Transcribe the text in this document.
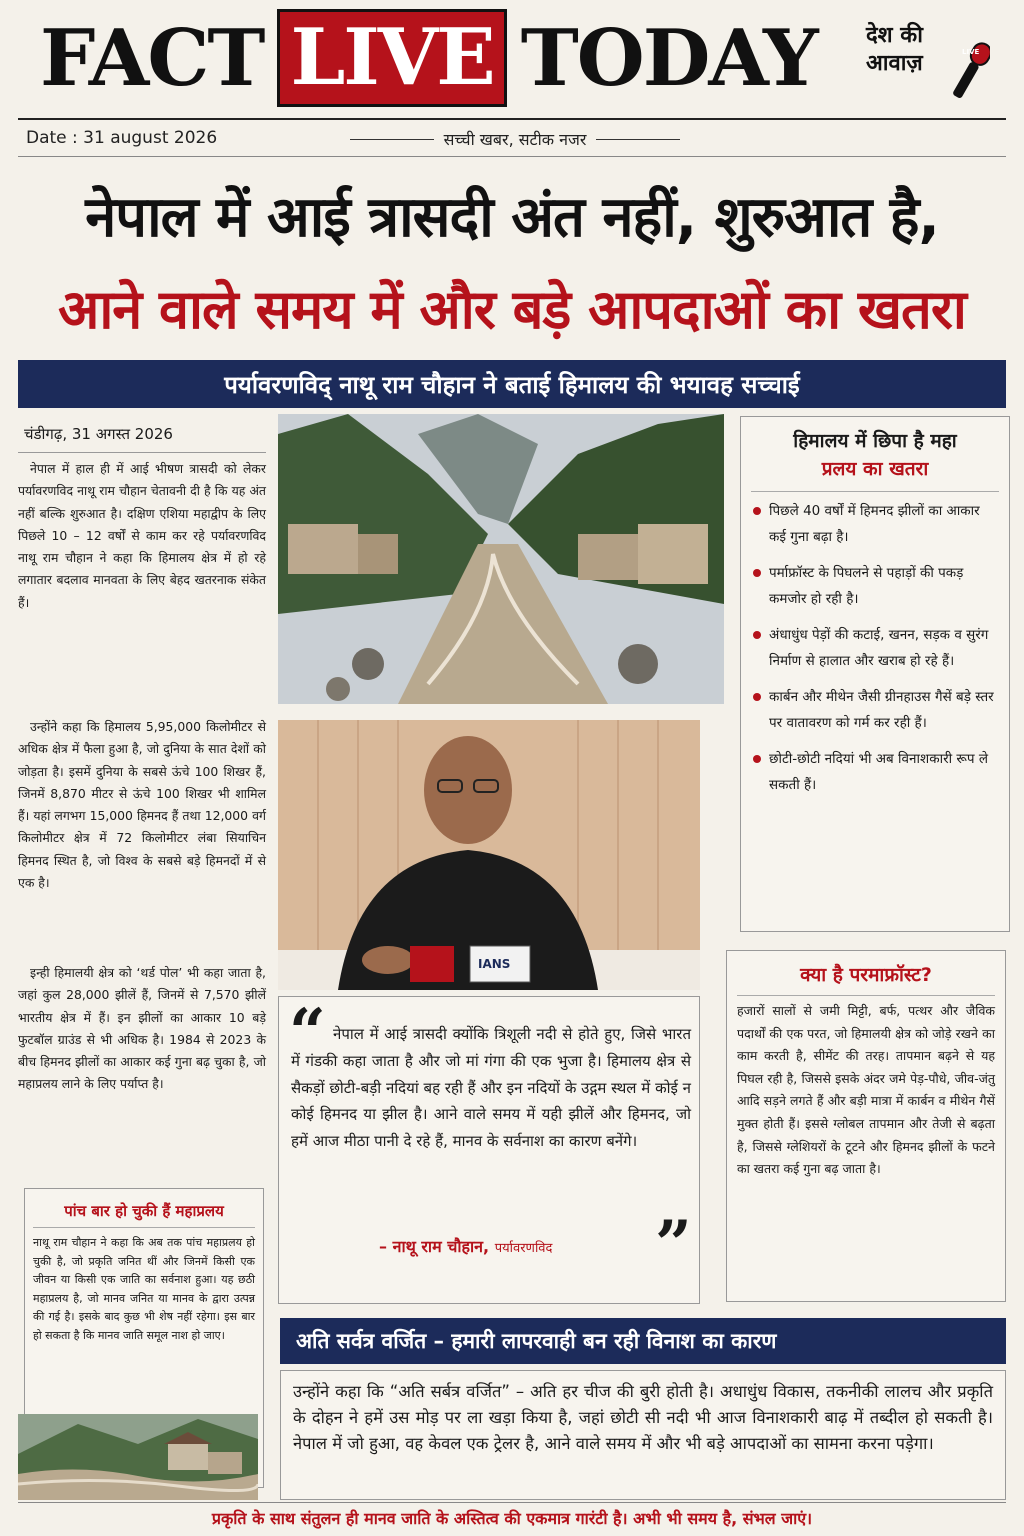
FACT LIVE TODAY देश की
आवाज़	LIVE
Date : 31 august 2026	सच्ची खबर, सटीक नजर
नेपाल में आई त्रासदी अंत नहीं, शुरुआत है,
आने वाले समय में और बड़े आपदाओं का खतरा
पर्यावरणविद् नाथू राम चौहान ने बताई हिमालय की भयावह सच्चाई
चंडीगढ़, 31 अगस्त 2026

नेपाल में हाल ही में आई भीषण त्रासदी को लेकर पर्यावरणविद नाथू राम चौहान चेतावनी दी है कि यह अंत नहीं बल्कि शुरुआत है। दक्षिण एशिया महाद्वीप के लिए पिछले 10 – 12 वर्षों से काम कर रहे पर्यावरणविद नाथू राम चौहान ने कहा कि हिमालय क्षेत्र में हो रहे लगातार बदलाव मानवता के लिए बेहद खतरनाक संकेत हैं।

उन्होंने कहा कि हिमालय 5,95,000 किलोमीटर से अधिक क्षेत्र में फैला हुआ है, जो दुनिया के सात देशों को जोड़ता है। इसमें दुनिया के सबसे ऊंचे 100 शिखर हैं, जिनमें 8,870 मीटर से ऊंचे 100 शिखर भी शामिल हैं। यहां लगभग 15,000 हिमनद हैं तथा 12,000 वर्ग किलोमीटर क्षेत्र में 72 किलोमीटर लंबा सियाचिन हिमनद स्थित है, जो विश्व के सबसे बड़े हिमनदों में से एक है।

इन्ही हिमालयी क्षेत्र को ‘थर्ड पोल’ भी कहा जाता है, जहां कुल 28,000 झीलें हैं, जिनमें से 7,570 झीलें भारतीय क्षेत्र में हैं। इन झीलों का आकार 10 बड़े फुटबॉल ग्राउंड से भी अधिक है। 1984 से 2023 के बीच हिमनद झीलों का आकार कई गुना बढ़ चुका है, जो महाप्रलय लाने के लिए पर्याप्त है।

पांच बार हो चुकी हैं महाप्रलय

नाथू राम चौहान ने कहा कि अब तक पांच महाप्रलय हो चुकी है, जो प्रकृति जनित थीं और जिनमें किसी एक जीवन या किसी एक जाति का सर्वनाश हुआ। यह छठी महाप्रलय है, जो मानव जनित या मानव के द्वारा उत्पन्न की गई है। इसके बाद कुछ भी शेष नहीं रहेगा। इस बार हो सकता है कि मानव जाति समूल नाश हो जाए।

IANS
“ नेपाल में आई त्रासदी क्योंकि त्रिशूली नदी से होते हुए, जिसे भारत में गंडकी कहा जाता है और जो मां गंगा की एक भुजा है। हिमालय क्षेत्र से सैकड़ों छोटी-बड़ी नदियां बह रही हैं और इन नदियों के उद्गम स्थल में कोई न कोई हिमनद या झील है। आने वाले समय में यही झीलें और हिमनद, जो हमें आज मीठा पानी दे रहे हैं, मानव के सर्वनाश का कारण बनेंगे।

– नाथू राम चौहान, पर्यावरणविद ”
हिमालय में छिपा है महा
प्रलय का खतरा
पिछले 40 वर्षों में हिमनद झीलों का आकार कई गुना बढ़ा है।
पर्माफ्रॉस्ट के पिघलने से पहाड़ों की पकड़ कमजोर हो रही है।
अंधाधुंध पेड़ों की कटाई, खनन, सड़क व सुरंग निर्माण से हालात और खराब हो रहे हैं।
कार्बन और मीथेन जैसी ग्रीनहाउस गैसें बड़े स्तर पर वातावरण को गर्म कर रही हैं।
छोटी-छोटी नदियां भी अब विनाशकारी रूप ले सकती हैं।
क्या है परमाफ्रॉस्ट?

हजारों सालों से जमी मिट्टी, बर्फ, पत्थर और जैविक पदार्थों की एक परत, जो हिमालयी क्षेत्र को जोड़े रखने का काम करती है, सीमेंट की तरह। तापमान बढ़ने से यह पिघल रही है, जिससे इसके अंदर जमे पेड़-पौधे, जीव-जंतु आदि सड़ने लगते हैं और बड़ी मात्रा में कार्बन व मीथेन गैसें मुक्त होती हैं। इससे ग्लोबल तापमान और तेजी से बढ़ता है, जिससे ग्लेशियरों के टूटने और हिमनद झीलों के फटने का खतरा कई गुना बढ़ जाता है।

अति सर्वत्र वर्जित – हमारी लापरवाही बन रही विनाश का कारण

उन्होंने कहा कि “अति सर्बत्र वर्जित” – अति हर चीज की बुरी होती है। अधाधुंध विकास, तकनीकी लालच और प्रकृति के दोहन ने हमें उस मोड़ पर ला खड़ा किया है, जहां छोटी सी नदी भी आज विनाशकारी बाढ़ में तब्दील हो सकती है। नेपाल में जो हुआ, वह केवल एक ट्रेलर है, आने वाले समय में और भी बड़े आपदाओं का सामना करना पड़ेगा।

प्रकृति के साथ संतुलन ही मानव जाति के अस्तित्व की एकमात्र गारंटी है। अभी भी समय है, संभल जाएं।
